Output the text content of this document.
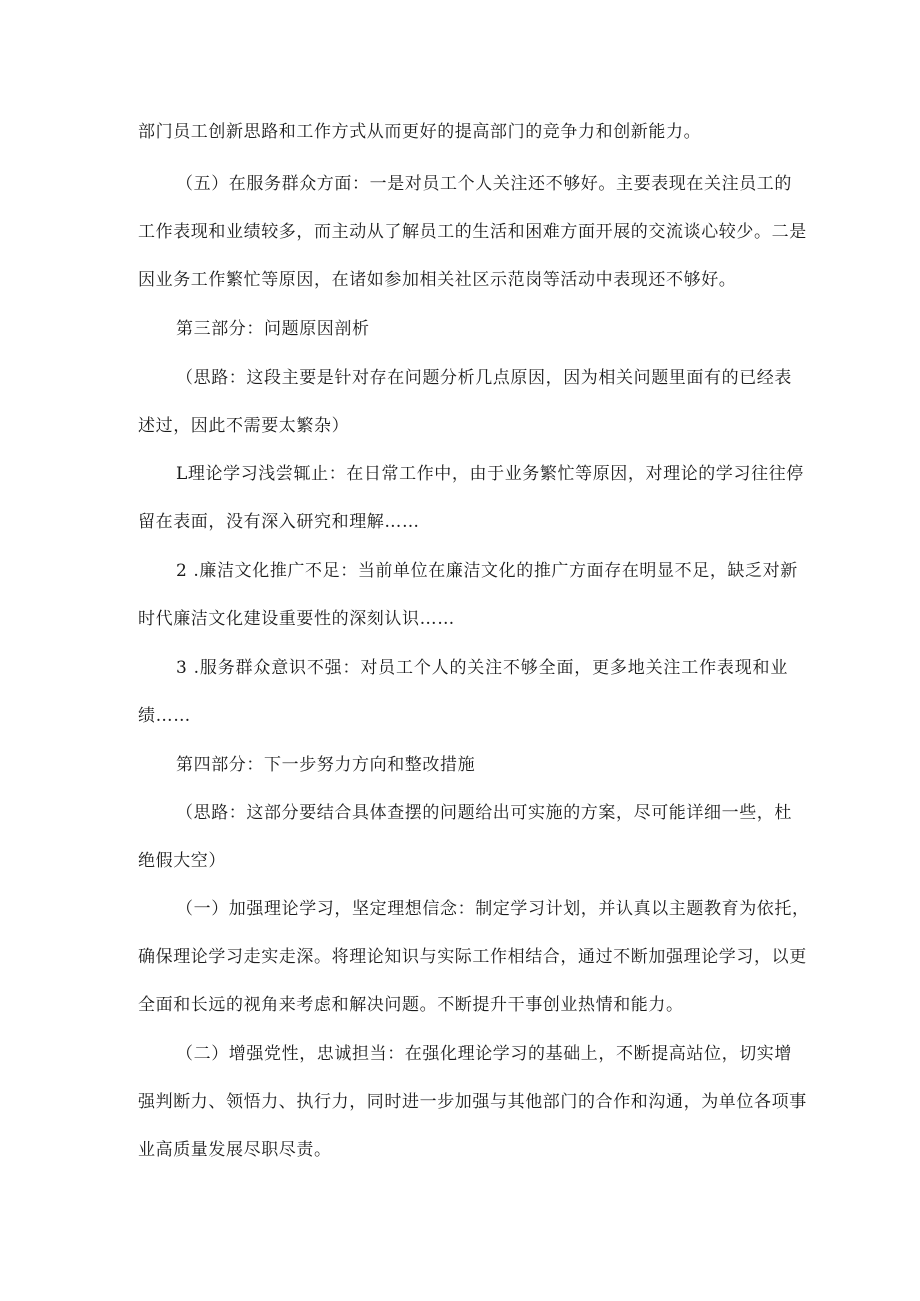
部门员工创新思路和工作方式从而更好的提高部门的竞争力和创新能力。
（五）在服务群众方面：一是对员工个人关注还不够好。主要表现在关注员工的
工作表现和业绩较多，而主动从了解员工的生活和困难方面开展的交流谈心较少。二是
因业务工作繁忙等原因，在诸如参加相关社区示范岗等活动中表现还不够好。
第三部分：问题原因剖析
（思路：这段主要是针对存在问题分析几点原因，因为相关问题里面有的已经表
述过，因此不需要太繁杂）
L理论学习浅尝辄止：在日常工作中，由于业务繁忙等原因，对理论的学习往往停
留在表面，没有深入研究和理解……
2 .廉洁文化推广不足：当前单位在廉洁文化的推广方面存在明显不足，缺乏对新
时代廉洁文化建设重要性的深刻认识……
3 .服务群众意识不强：对员工个人的关注不够全面，更多地关注工作表现和业
绩……
第四部分：下一步努力方向和整改措施
（思路：这部分要结合具体查摆的问题给出可实施的方案，尽可能详细一些，杜
绝假大空）
（一）加强理论学习，坚定理想信念：制定学习计划，并认真以主题教育为依托，
确保理论学习走实走深。将理论知识与实际工作相结合，通过不断加强理论学习，以更
全面和长远的视角来考虑和解决问题。不断提升干事创业热情和能力。
（二）增强党性，忠诚担当：在强化理论学习的基础上，不断提高站位，切实增
强判断力、领悟力、执行力，同时进一步加强与其他部门的合作和沟通，为单位各项事
业高质量发展尽职尽责。
